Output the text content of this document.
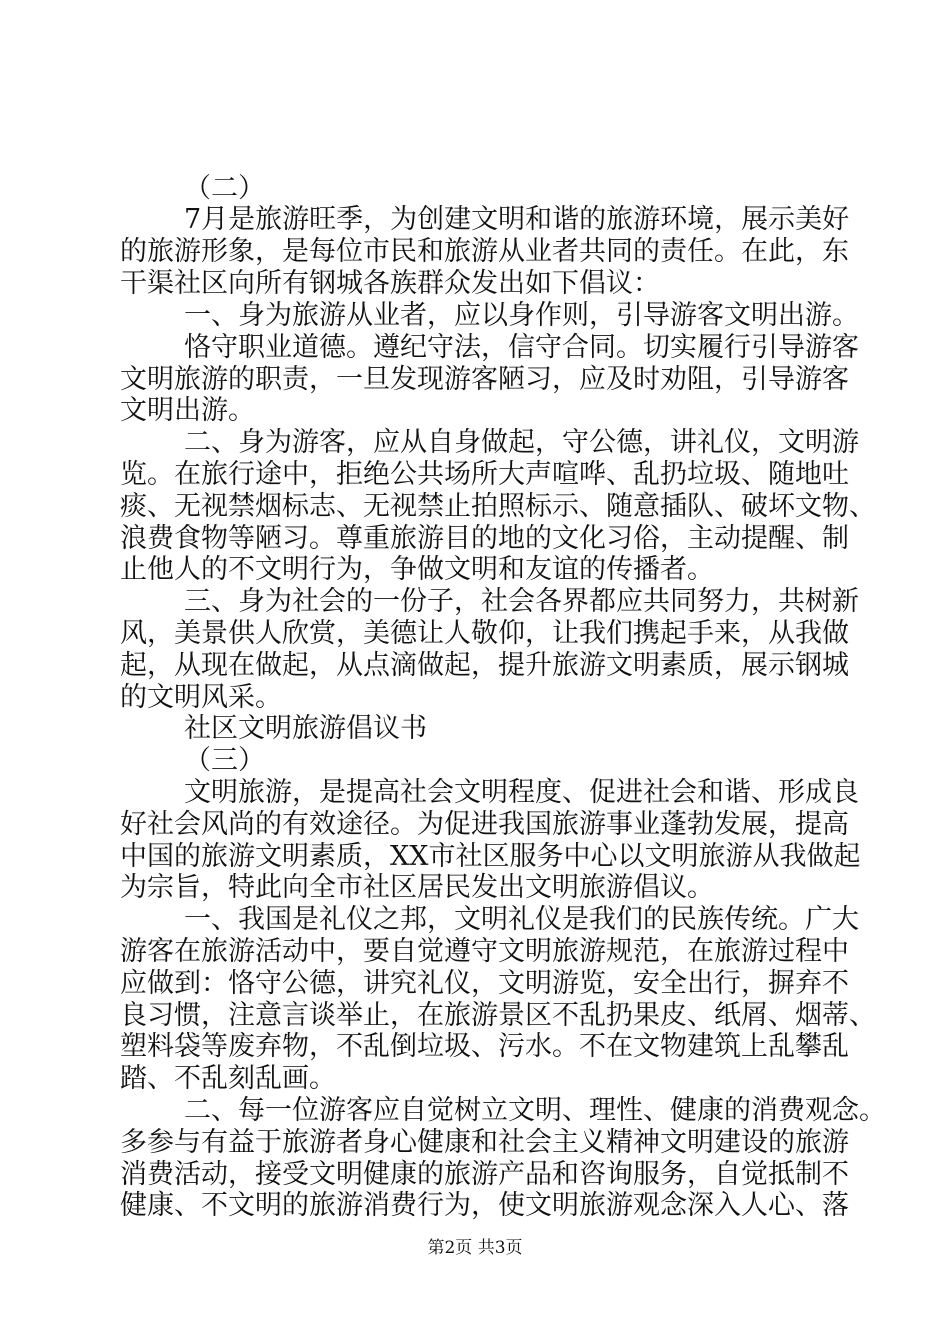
（二）
7月是旅游旺季，为创建文明和谐的旅游环境，展示美好
的旅游形象，是每位市民和旅游从业者共同的责任。在此，东
干渠社区向所有钢城各族群众发出如下倡议：
一、身为旅游从业者，应以身作则，引导游客文明出游。
恪守职业道德。遵纪守法，信守合同。切实履行引导游客
文明旅游的职责，一旦发现游客陋习，应及时劝阻，引导游客
文明出游。
二、身为游客，应从自身做起，守公德，讲礼仪，文明游
览。在旅行途中，拒绝公共场所大声喧哗、乱扔垃圾、随地吐
痰、无视禁烟标志、无视禁止拍照标示、随意插队、破坏文物、
浪费食物等陋习。尊重旅游目的地的文化习俗，主动提醒、制
止他人的不文明行为，争做文明和友谊的传播者。
三、身为社会的一份子，社会各界都应共同努力，共树新
风，美景供人欣赏，美德让人敬仰，让我们携起手来，从我做
起，从现在做起，从点滴做起，提升旅游文明素质，展示钢城
的文明风采。
社区文明旅游倡议书
（三）
文明旅游，是提高社会文明程度、促进社会和谐、形成良
好社会风尚的有效途径。为促进我国旅游事业蓬勃发展，提高
中国的旅游文明素质，XX市社区服务中心以文明旅游从我做起
为宗旨，特此向全市社区居民发出文明旅游倡议。
一、我国是礼仪之邦，文明礼仪是我们的民族传统。广大
游客在旅游活动中，要自觉遵守文明旅游规范，在旅游过程中
应做到：恪守公德，讲究礼仪，文明游览，安全出行，摒弃不
良习惯，注意言谈举止，在旅游景区不乱扔果皮、纸屑、烟蒂、
塑料袋等废弃物，不乱倒垃圾、污水。不在文物建筑上乱攀乱
踏、不乱刻乱画。
二、每一位游客应自觉树立文明、理性、健康的消费观念。
多参与有益于旅游者身心健康和社会主义精神文明建设的旅游
消费活动，接受文明健康的旅游产品和咨询服务，自觉抵制不
健康、不文明的旅游消费行为，使文明旅游观念深入人心、落
第2页 共3页
